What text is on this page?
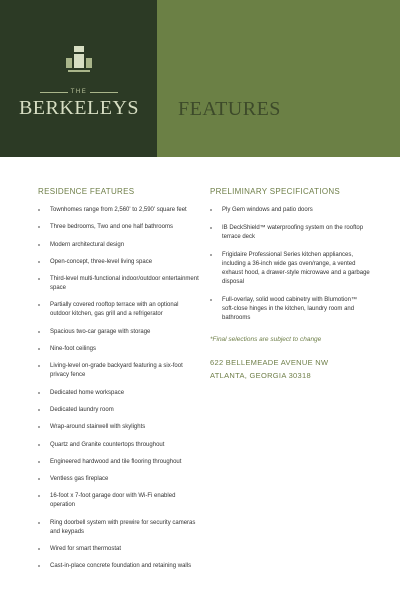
THE
BERKELEYS	FEATURES
RESIDENCE FEATURES
Townhomes range from 2,560' to 2,590' square feet
Three bedrooms, Two and one half bathrooms
Modern architectural design
Open-concept, three-level living space
Third-level multi-functional indoor/outdoor entertainment space
Partially covered rooftop terrace with an optional outdoor kitchen, gas grill and a refrigerator
Spacious two-car garage with storage
Nine-foot ceilings
Living-level on-grade backyard featuring a six-foot privacy fence
Dedicated home workspace
Dedicated laundry room
Wrap-around stairwell with skylights
Quartz and Granite countertops throughout
Engineered hardwood and tile flooring throughout
Ventless gas fireplace
16-foot x 7-foot garage door with Wi-Fi enabled operation
Ring doorbell system with prewire for security cameras and keypads
Wired for smart thermostat
Cast-in-place concrete foundation and retaining walls
PRELIMINARY SPECIFICATIONS
Ply Gem windows and patio doors
IB DeckShield™ waterproofing system on the rooftop terrace deck
Frigidaire Professional Series kitchen appliances, including a 36-inch wide gas oven/range, a vented exhaust hood, a drawer-style microwave and a garbage disposal
Full-overlay, solid wood cabinetry with Blumotion™ soft-close hinges in the kitchen, laundry room and bathrooms
*Final selections are subject to change
622 BELLEMEADE AVENUE NW
ATLANTA, GEORGIA 30318
